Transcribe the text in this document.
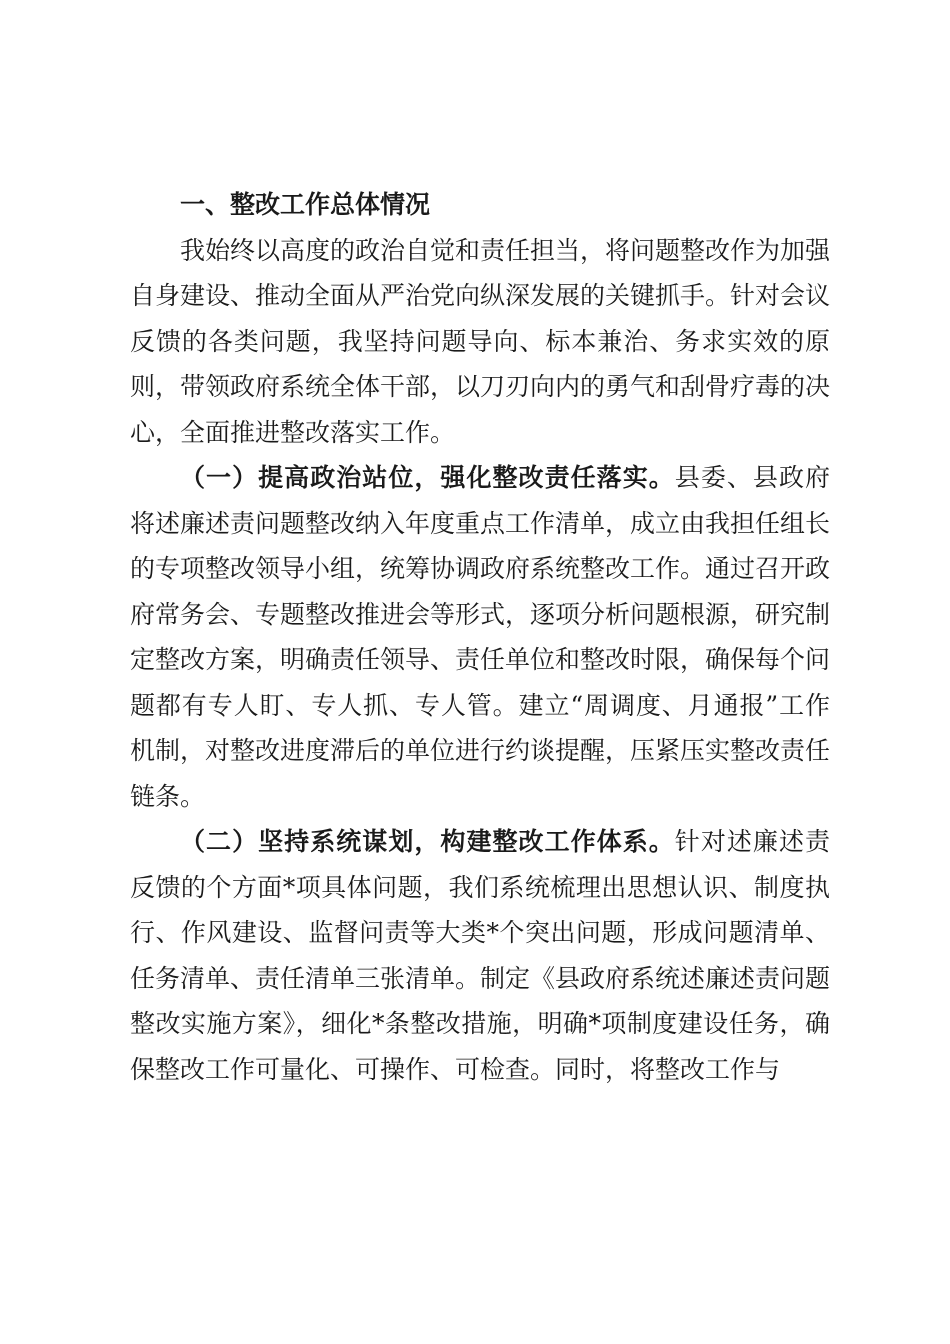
一、整改工作总体情况

我始终以高度的政治自觉和责任担当，将问题整改作为加强自身建设、推动全面从严治党向纵深发展的关键抓手。针对会议反馈的各类问题，我坚持问题导向、标本兼治、务求实效的原则，带领政府系统全体干部，以刀刃向内的勇气和刮骨疗毒的决心，全面推进整改落实工作。

（一）提高政治站位，强化整改责任落实。县委、县政府将述廉述责问题整改纳入年度重点工作清单，成立由我担任组长的专项整改领导小组，统筹协调政府系统整改工作。通过召开政府常务会、专题整改推进会等形式，逐项分析问题根源，研究制定整改方案，明确责任领导、责任单位和整改时限，确保每个问题都有专人盯、专人抓、专人管。建立“周调度、月通报”工作机制，对整改进度滞后的单位进行约谈提醒，压紧压实整改责任链条。

（二）坚持系统谋划，构建整改工作体系。针对述廉述责反馈的个方面*项具体问题，我们系统梳理出思想认识、制度执行、作风建设、监督问责等大类*个突出问题，形成问题清单、任务清单、责任清单三张清单。制定《县政府系统述廉述责问题整改实施方案》，细化*条整改措施，明确*项制度建设任务，确保整改工作可量化、可操作、可检查。同时，将整改工作与
